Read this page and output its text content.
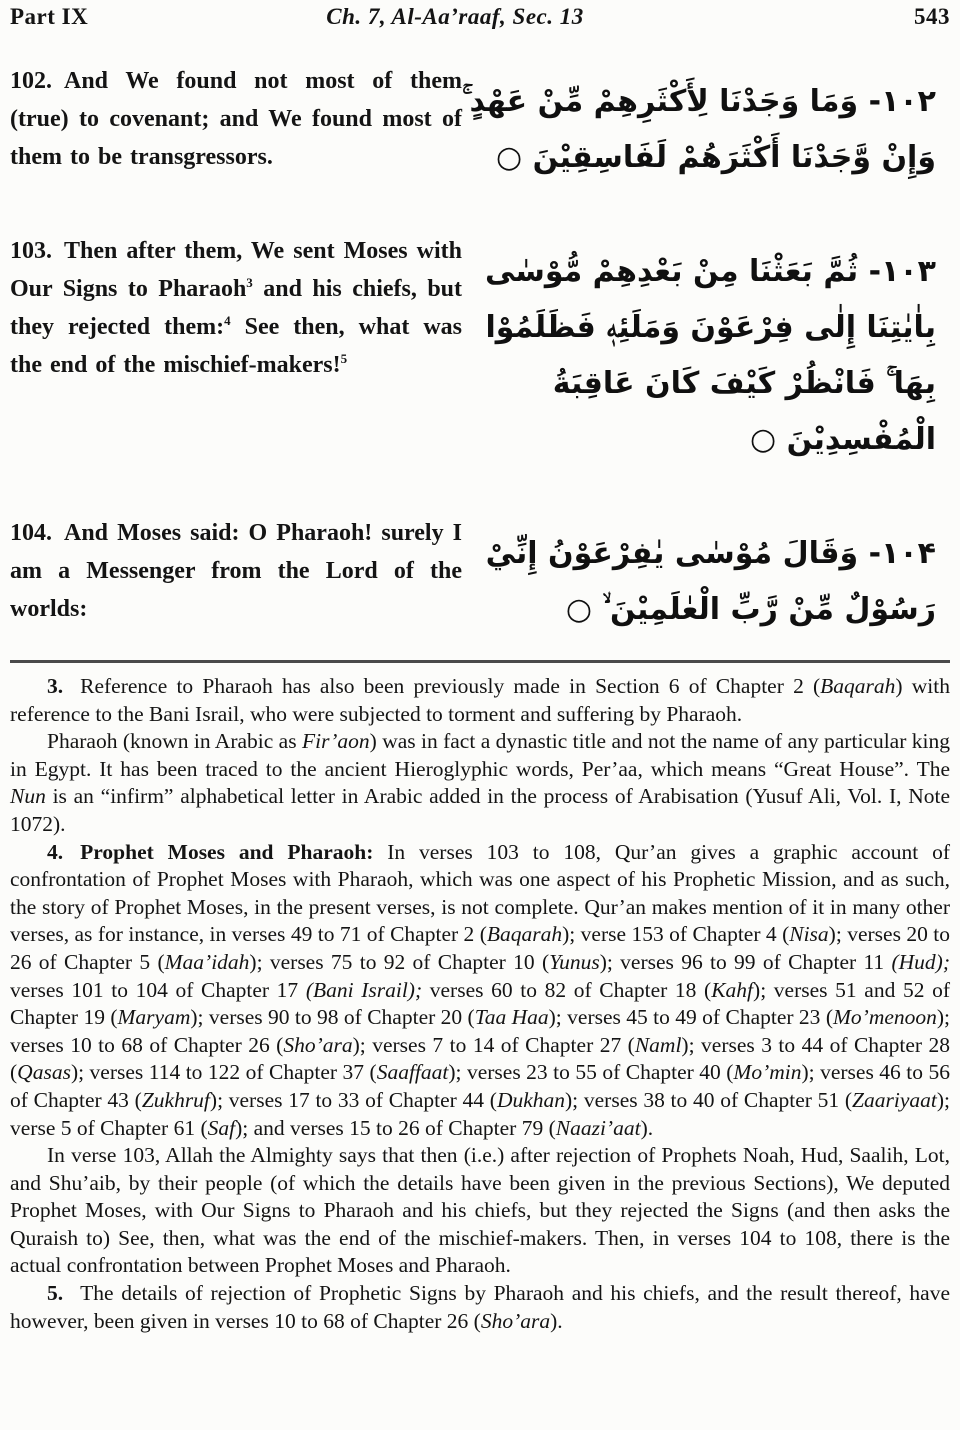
Part IX	Ch. 7, Al-Aa’raaf, Sec. 13	543
102. And We found not most of them (true) to covenant; and We found most of them to be transgressors.
۱۰۲- وَمَا وَجَدْنَا لِأَكْثَرِهِمْ مِّنْ عَهْدٍ ۚ وَإِنْ وَّجَدْنَا أَكْثَرَهُمْ لَفَاسِقِيْنَ ○
103. Then after them, We sent Moses with Our Signs to Pharaoh$^3$ and his chiefs, but they rejected them:$^4$ See then, what was the end of the mischief-makers!$^5$
۱۰۳- ثُمَّ بَعَثْنَا مِنْ بَعْدِهِمْ مُّوْسٰى بِاٰيٰتِنَا إِلٰى فِرْعَوْنَ وَمَلَئِهٖ فَظَلَمُوْا بِهَا ۚ فَانْظُرْ كَيْفَ كَانَ عَاقِبَةُ الْمُفْسِدِيْنَ ○
104. And Moses said: O Pharaoh! surely I am a Messenger from the Lord of the worlds:
۱۰۴- وَقَالَ مُوْسٰى يٰفِرْعَوْنُ إِنِّيْ رَسُوْلٌ مِّنْ رَّبِّ الْعٰلَمِيْنَ ۙ ○

3. Reference to Pharaoh has also been previously made in Section 6 of Chapter 2 (Baqarah) with reference to the Bani Israil, who were subjected to torment and suffering by Pharaoh.

Pharaoh (known in Arabic as Fir’aon) was in fact a dynastic title and not the name of any particular king in Egypt. It has been traced to the ancient Hieroglyphic words, Per’aa, which means “Great House”. The Nun is an “infirm” alphabetical letter in Arabic added in the process of Arabisation (Yusuf Ali, Vol. I, Note 1072).

4. Prophet Moses and Pharaoh: In verses 103 to 108, Qur’an gives a graphic account of confrontation of Prophet Moses with Pharaoh, which was one aspect of his Prophetic Mission, and as such, the story of Prophet Moses, in the present verses, is not complete. Qur’an makes mention of it in many other verses, as for instance, in verses 49 to 71 of Chapter 2 (Baqarah); verse 153 of Chapter 4 (Nisa); verses 20 to 26 of Chapter 5 (Maa’idah); verses 75 to 92 of Chapter 10 (Yunus); verses 96 to 99 of Chapter 11 (Hud); verses 101 to 104 of Chapter 17 (Bani Israil); verses 60 to 82 of Chapter 18 (Kahf); verses 51 and 52 of Chapter 19 (Maryam); verses 90 to 98 of Chapter 20 (Taa Haa); verses 45 to 49 of Chapter 23 (Mo’menoon); verses 10 to 68 of Chapter 26 (Sho’ara); verses 7 to 14 of Chapter 27 (Naml); verses 3 to 44 of Chapter 28 (Qasas); verses 114 to 122 of Chapter 37 (Saaffaat); verses 23 to 55 of Chapter 40 (Mo’min); verses 46 to 56 of Chapter 43 (Zukhruf); verses 17 to 33 of Chapter 44 (Dukhan); verses 38 to 40 of Chapter 51 (Zaariyaat); verse 5 of Chapter 61 (Saf); and verses 15 to 26 of Chapter 79 (Naazi’aat).

In verse 103, Allah the Almighty says that then (i.e.) after rejection of Prophets Noah, Hud, Saalih, Lot, and Shu’aib, by their people (of which the details have been given in the previous Sections), We deputed Prophet Moses, with Our Signs to Pharaoh and his chiefs, but they rejected the Signs (and then asks the Quraish to) See, then, what was the end of the mischief-makers. Then, in verses 104 to 108, there is the actual confrontation between Prophet Moses and Pharaoh.

5. The details of rejection of Prophetic Signs by Pharaoh and his chiefs, and the result thereof, have however, been given in verses 10 to 68 of Chapter 26 (Sho’ara).
